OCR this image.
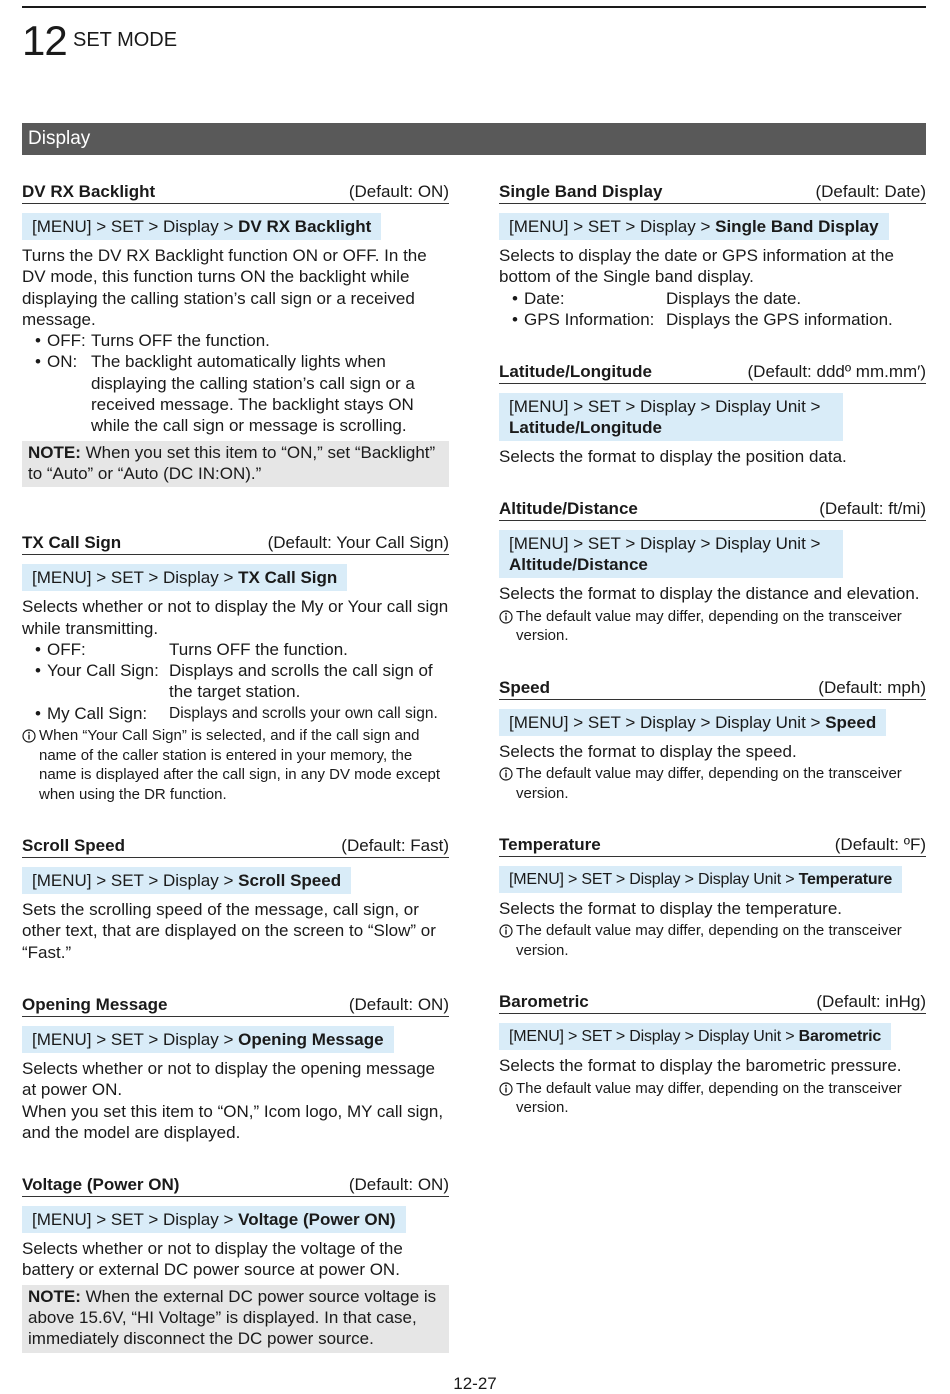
12 SET MODE
Display
DV RX Backlight	(Default: ON)
[MENU] > SET > Display > DV RX Backlight
Turns the DV RX Backlight function ON or OFF. In the DV mode, this function turns ON the backlight while displaying the calling station’s call sign or a received message.
• OFF: Turns OFF the function.
• ON: The backlight automatically lights when displaying the calling station’s call sign or a received message. The backlight stays ON while the call sign or message is scrolling.
NOTE: When you set this item to “ON,” set “Backlight” to “Auto” or “Auto (DC IN:ON).”
TX Call Sign	(Default: Your Call Sign)
[MENU] > SET > Display > TX Call Sign
Selects whether or not to display the My or Your call sign while transmitting.
• OFF:	Turns OFF the function.
• Your Call Sign: Displays and scrolls the call sign of the target station.
• My Call Sign:	Displays and scrolls your own call sign.
When “Your Call Sign” is selected, and if the call sign and name of the caller station is entered in your memory, the name is displayed after the call sign, in any DV mode except when using the DR function.
Scroll Speed	(Default: Fast)
[MENU] > SET > Display > Scroll Speed
Sets the scrolling speed of the message, call sign, or other text, that are displayed on the screen to “Slow” or “Fast.”
Opening Message	(Default: ON)
[MENU] > SET > Display > Opening Message
Selects whether or not to display the opening message at power ON.
When you set this item to “ON,” Icom logo, MY call sign, and the model are displayed.
Voltage (Power ON)	(Default: ON)
[MENU] > SET > Display > Voltage (Power ON)
Selects whether or not to display the voltage of the battery or external DC power source at power ON.
NOTE: When the external DC power source voltage is above 15.6V, “HI Voltage” is displayed. In that case, immediately disconnect the DC power source.
Single Band Display	(Default: Date)
[MENU] > SET > Display > Single Band Display
Selects to display the date or GPS information at the bottom of the Single band display.
• Date:	Displays the date.
• GPS Information: Displays the GPS information.
Latitude/Longitude	(Default: dddº mm.mm′)
[MENU] > SET > Display > Display Unit > Latitude/Longitude
Selects the format to display the position data.
Altitude/Distance	(Default: ft/mi)
[MENU] > SET > Display > Display Unit > Altitude/Distance
Selects the format to display the distance and elevation.
The default value may differ, depending on the transceiver version.
Speed	(Default: mph)
[MENU] > SET > Display > Display Unit > Speed
Selects the format to display the speed.
The default value may differ, depending on the transceiver version.
Temperature	(Default: ºF)
[MENU] > SET > Display > Display Unit > Temperature
Selects the format to display the temperature.
The default value may differ, depending on the transceiver version.
Barometric	(Default: inHg)
[MENU] > SET > Display > Display Unit > Barometric
Selects the format to display the barometric pressure.
The default value may differ, depending on the transceiver version.
12-27
